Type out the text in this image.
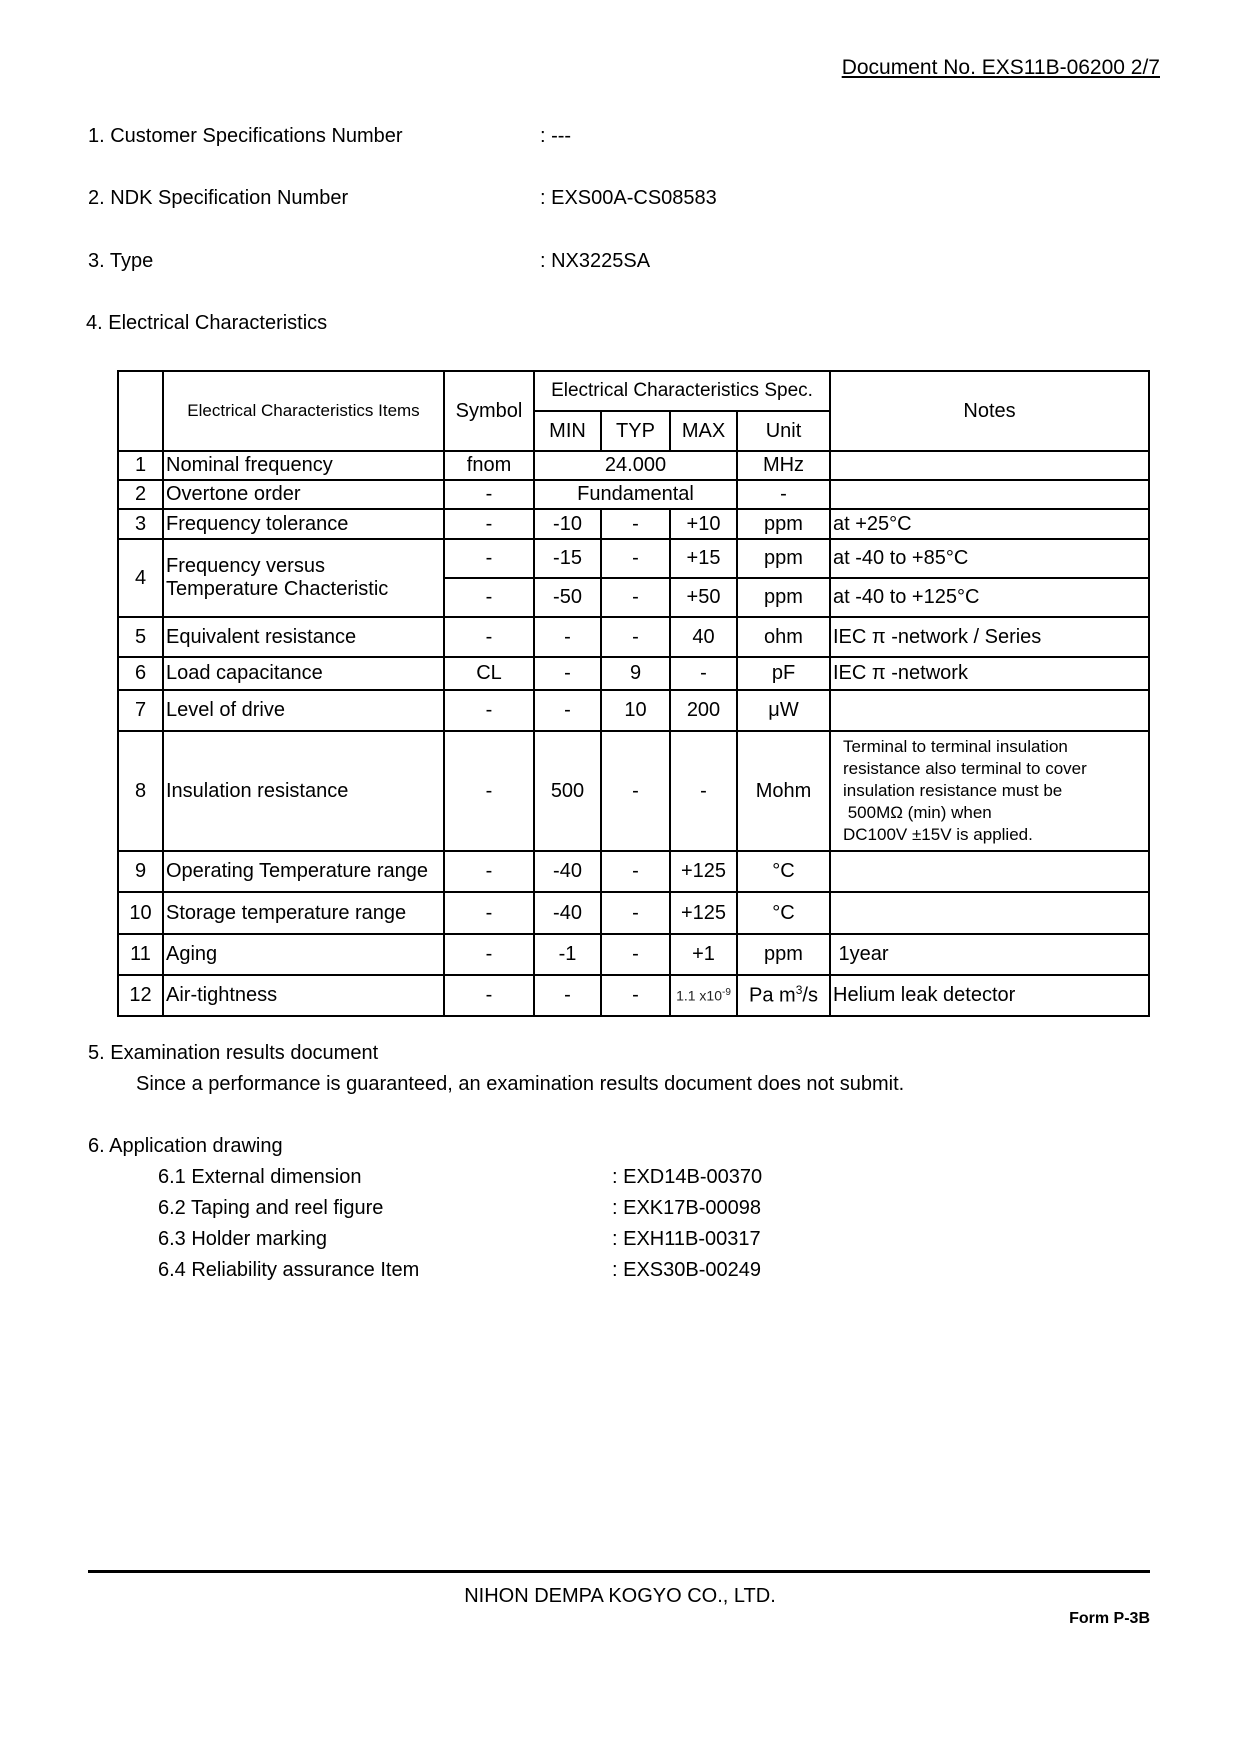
Document No. EXS11B-06200 2/7
1. Customer Specifications Number	: ---
2. NDK Specification Number	: EXS00A-CS08583
3. Type	: NX3225SA
4. Electrical Characteristics
	Electrical Characteristics Items	Symbol	Electrical Characteristics Spec.				Notes
			MIN	TYP	MAX	Unit	
1	Nominal frequency	fnom	24.000			MHz	
2	Overtone order	-	Fundamental			-	
3	Frequency tolerance	-	-10	-	+10	ppm	at +25°C
4	Frequency versus
Temperature Chacteristic	-	-15	-	+15	ppm	at -40 to +85°C
		-	-50	-	+50	ppm	at -40 to +125°C
5	Equivalent resistance	-	-	-	40	ohm	IEC π -network / Series
6	Load capacitance	CL	-	9	-	pF	IEC π -network
7	Level of drive	-	-	10	200	μW	
8	Insulation resistance	-	500	-	-	Mohm	Terminal to terminal insulation
resistance also terminal to cover
insulation resistance must be
500MΩ (min) when
DC100V ±15V is applied.

9	Operating Temperature range	-	-40	-	+125	°C	
10	Storage temperature range	-	-40	-	+125	°C	
11	Aging	-	-1	-	+1	ppm	1year
12	Air-tightness	-	-	-	1.1 $x10^{-9}$	Pa $m^3/s$	Helium leak detector
5. Examination results document
Since a performance is guaranteed, an examination results document does not submit.
6. Application drawing
6.1 External dimension	: EXD14B-00370
6.2 Taping and reel figure	: EXK17B-00098
6.3 Holder marking	: EXH11B-00317
6.4 Reliability assurance Item	: EXS30B-00249
NIHON DEMPA KOGYO CO., LTD.
Form P-3B
